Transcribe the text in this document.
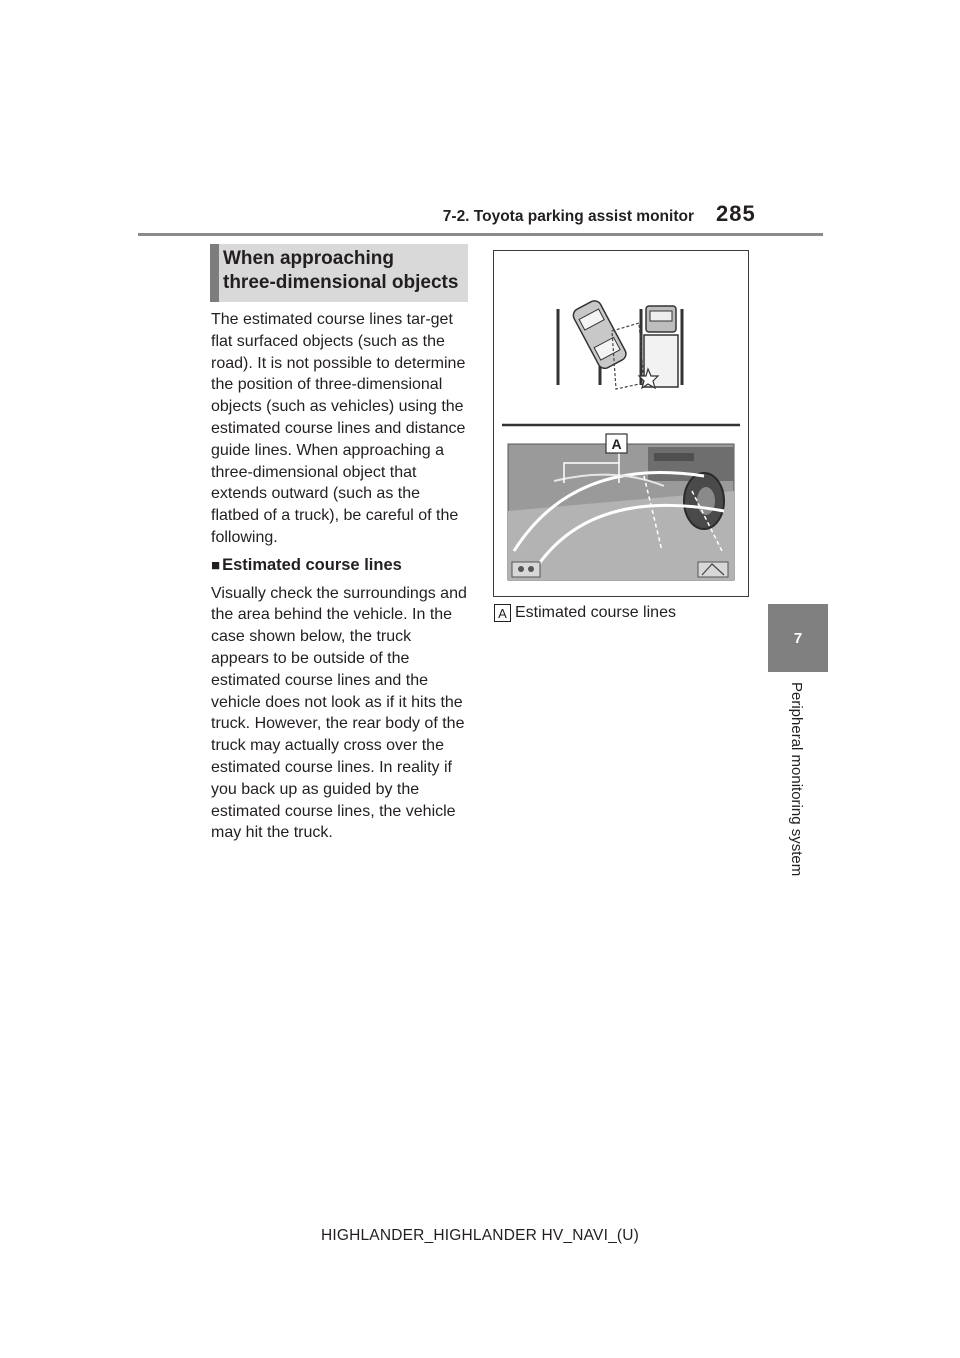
7-2. Toyota parking assist monitor 285
7
Peripheral monitoring system
When approaching
three-dimensional objects

The estimated course lines tar-get flat surfaced objects (such as the road). It is not possible to determine the position of three-dimensional objects (such as vehicles) using the estimated course lines and distance guide lines. When approaching a three-dimensional object that extends outward (such as the flatbed of a truck), be careful of the following.

■ Estimated course lines

Visually check the surroundings and the area behind the vehicle. In the case shown below, the truck appears to be outside of the estimated course lines and the vehicle does not look as if it hits the truck. However, the rear body of the truck may actually cross over the estimated course lines. In reality if you back up as guided by the estimated course lines, the vehicle may hit the truck.

A
A Estimated course lines
HIGHLANDER_HIGHLANDER HV_NAVI_(U)
